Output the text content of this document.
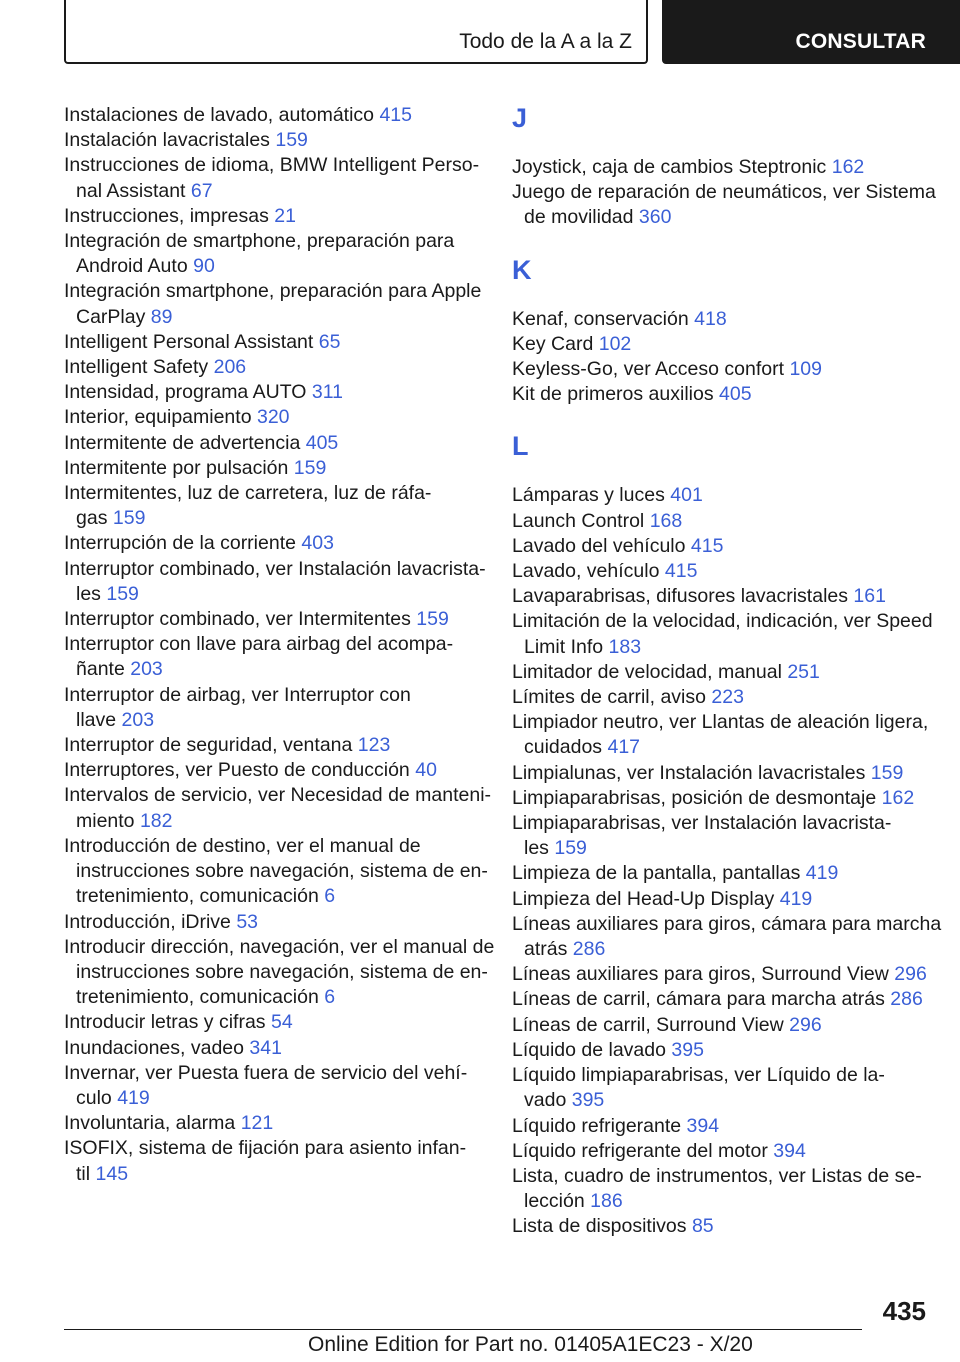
Todo de la A a la Z	CONSULTAR
Instalaciones de lavado, automático 415
Instalación lavacristales 159
Instrucciones de idioma, BMW Intelligent Perso-
nal Assistant 67
Instrucciones, impresas 21
Integración de smartphone, preparación para
Android Auto 90
Integración smartphone, preparación para Apple
CarPlay 89
Intelligent Personal Assistant 65
Intelligent Safety 206
Intensidad, programa AUTO 311
Interior, equipamiento 320
Intermitente de advertencia 405
Intermitente por pulsación 159
Intermitentes, luz de carretera, luz de ráfa-
gas 159
Interrupción de la corriente 403
Interruptor combinado, ver Instalación lavacrista-
les 159
Interruptor combinado, ver Intermitentes 159
Interruptor con llave para airbag del acompa-
ñante 203
Interruptor de airbag, ver Interruptor con
llave 203
Interruptor de seguridad, ventana 123
Interruptores, ver Puesto de conducción 40
Intervalos de servicio, ver Necesidad de manteni-
miento 182
Introducción de destino, ver el manual de
instrucciones sobre navegación, sistema de en-
tretenimiento, comunicación 6
Introducción, iDrive 53
Introducir dirección, navegación, ver el manual de
instrucciones sobre navegación, sistema de en-
tretenimiento, comunicación 6
Introducir letras y cifras 54
Inundaciones, vadeo 341
Invernar, ver Puesta fuera de servicio del vehí-
culo 419
Involuntaria, alarma 121
ISOFIX, sistema de fijación para asiento infan-
til 145
J
Joystick, caja de cambios Steptronic 162
Juego de reparación de neumáticos, ver Sistema
de movilidad 360
K
Kenaf, conservación 418
Key Card 102
Keyless-Go, ver Acceso confort 109
Kit de primeros auxilios 405
L
Lámparas y luces 401
Launch Control 168
Lavado del vehículo 415
Lavado, vehículo 415
Lavaparabrisas, difusores lavacristales 161
Limitación de la velocidad, indicación, ver Speed
Limit Info 183
Limitador de velocidad, manual 251
Límites de carril, aviso 223
Limpiador neutro, ver Llantas de aleación ligera,
cuidados 417
Limpialunas, ver Instalación lavacristales 159
Limpiaparabrisas, posición de desmontaje 162
Limpiaparabrisas, ver Instalación lavacrista-
les 159
Limpieza de la pantalla, pantallas 419
Limpieza del Head-Up Display 419
Líneas auxiliares para giros, cámara para marcha
atrás 286
Líneas auxiliares para giros, Surround View 296
Líneas de carril, cámara para marcha atrás 286
Líneas de carril, Surround View 296
Líquido de lavado 395
Líquido limpiaparabrisas, ver Líquido de la-
vado 395
Líquido refrigerante 394
Líquido refrigerante del motor 394
Lista, cuadro de instrumentos, ver Listas de se-
lección 186
Lista de dispositivos 85
435
Online Edition for Part no. 01405A1EC23 - X/20
